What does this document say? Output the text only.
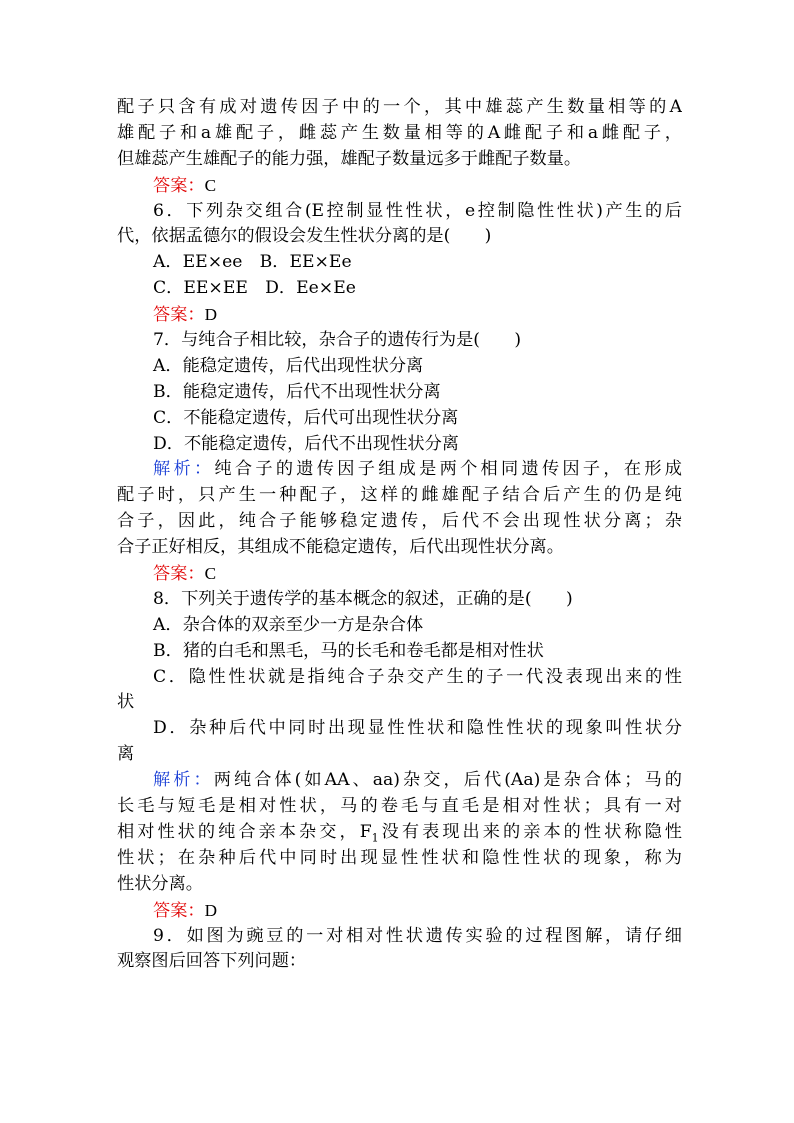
配子只含有成对遗传因子中的一个，其中雄蕊产生数量相等的A
雄配子和a雄配子，雌蕊产生数量相等的A雌配子和a雌配子，
但雄蕊产生雄配子的能力强，雄配子数量远多于雌配子数量。
答案：C
6．下列杂交组合(E控制显性性状，e控制隐性性状)产生的后
代，依据孟德尔的假设会发生性状分离的是(　　)
A．EE×ee　B．EE×Ee
C．EE×EE　D．Ee×Ee
答案：D
7．与纯合子相比较，杂合子的遗传行为是(　　)
A．能稳定遗传，后代出现性状分离
B．能稳定遗传，后代不出现性状分离
C．不能稳定遗传，后代可出现性状分离
D．不能稳定遗传，后代不出现性状分离
解析：纯合子的遗传因子组成是两个相同遗传因子，在形成
配子时，只产生一种配子，这样的雌雄配子结合后产生的仍是纯
合子，因此，纯合子能够稳定遗传，后代不会出现性状分离；杂
合子正好相反，其组成不能稳定遗传，后代出现性状分离。
答案：C
8．下列关于遗传学的基本概念的叙述，正确的是(　　)
A．杂合体的双亲至少一方是杂合体
B．猪的白毛和黑毛，马的长毛和卷毛都是相对性状
C．隐性性状就是指纯合子杂交产生的子一代没表现出来的性
状
D．杂种后代中同时出现显性性状和隐性性状的现象叫性状分
离
解析：两纯合体(如AA、aa)杂交，后代(Aa)是杂合体；马的
长毛与短毛是相对性状，马的卷毛与直毛是相对性状；具有一对
相对性状的纯合亲本杂交，$F_1$没有表现出来的亲本的性状称隐性
性状；在杂种后代中同时出现显性性状和隐性性状的现象，称为
性状分离。
答案：D
9．如图为豌豆的一对相对性状遗传实验的过程图解，请仔细
观察图后回答下列问题：
